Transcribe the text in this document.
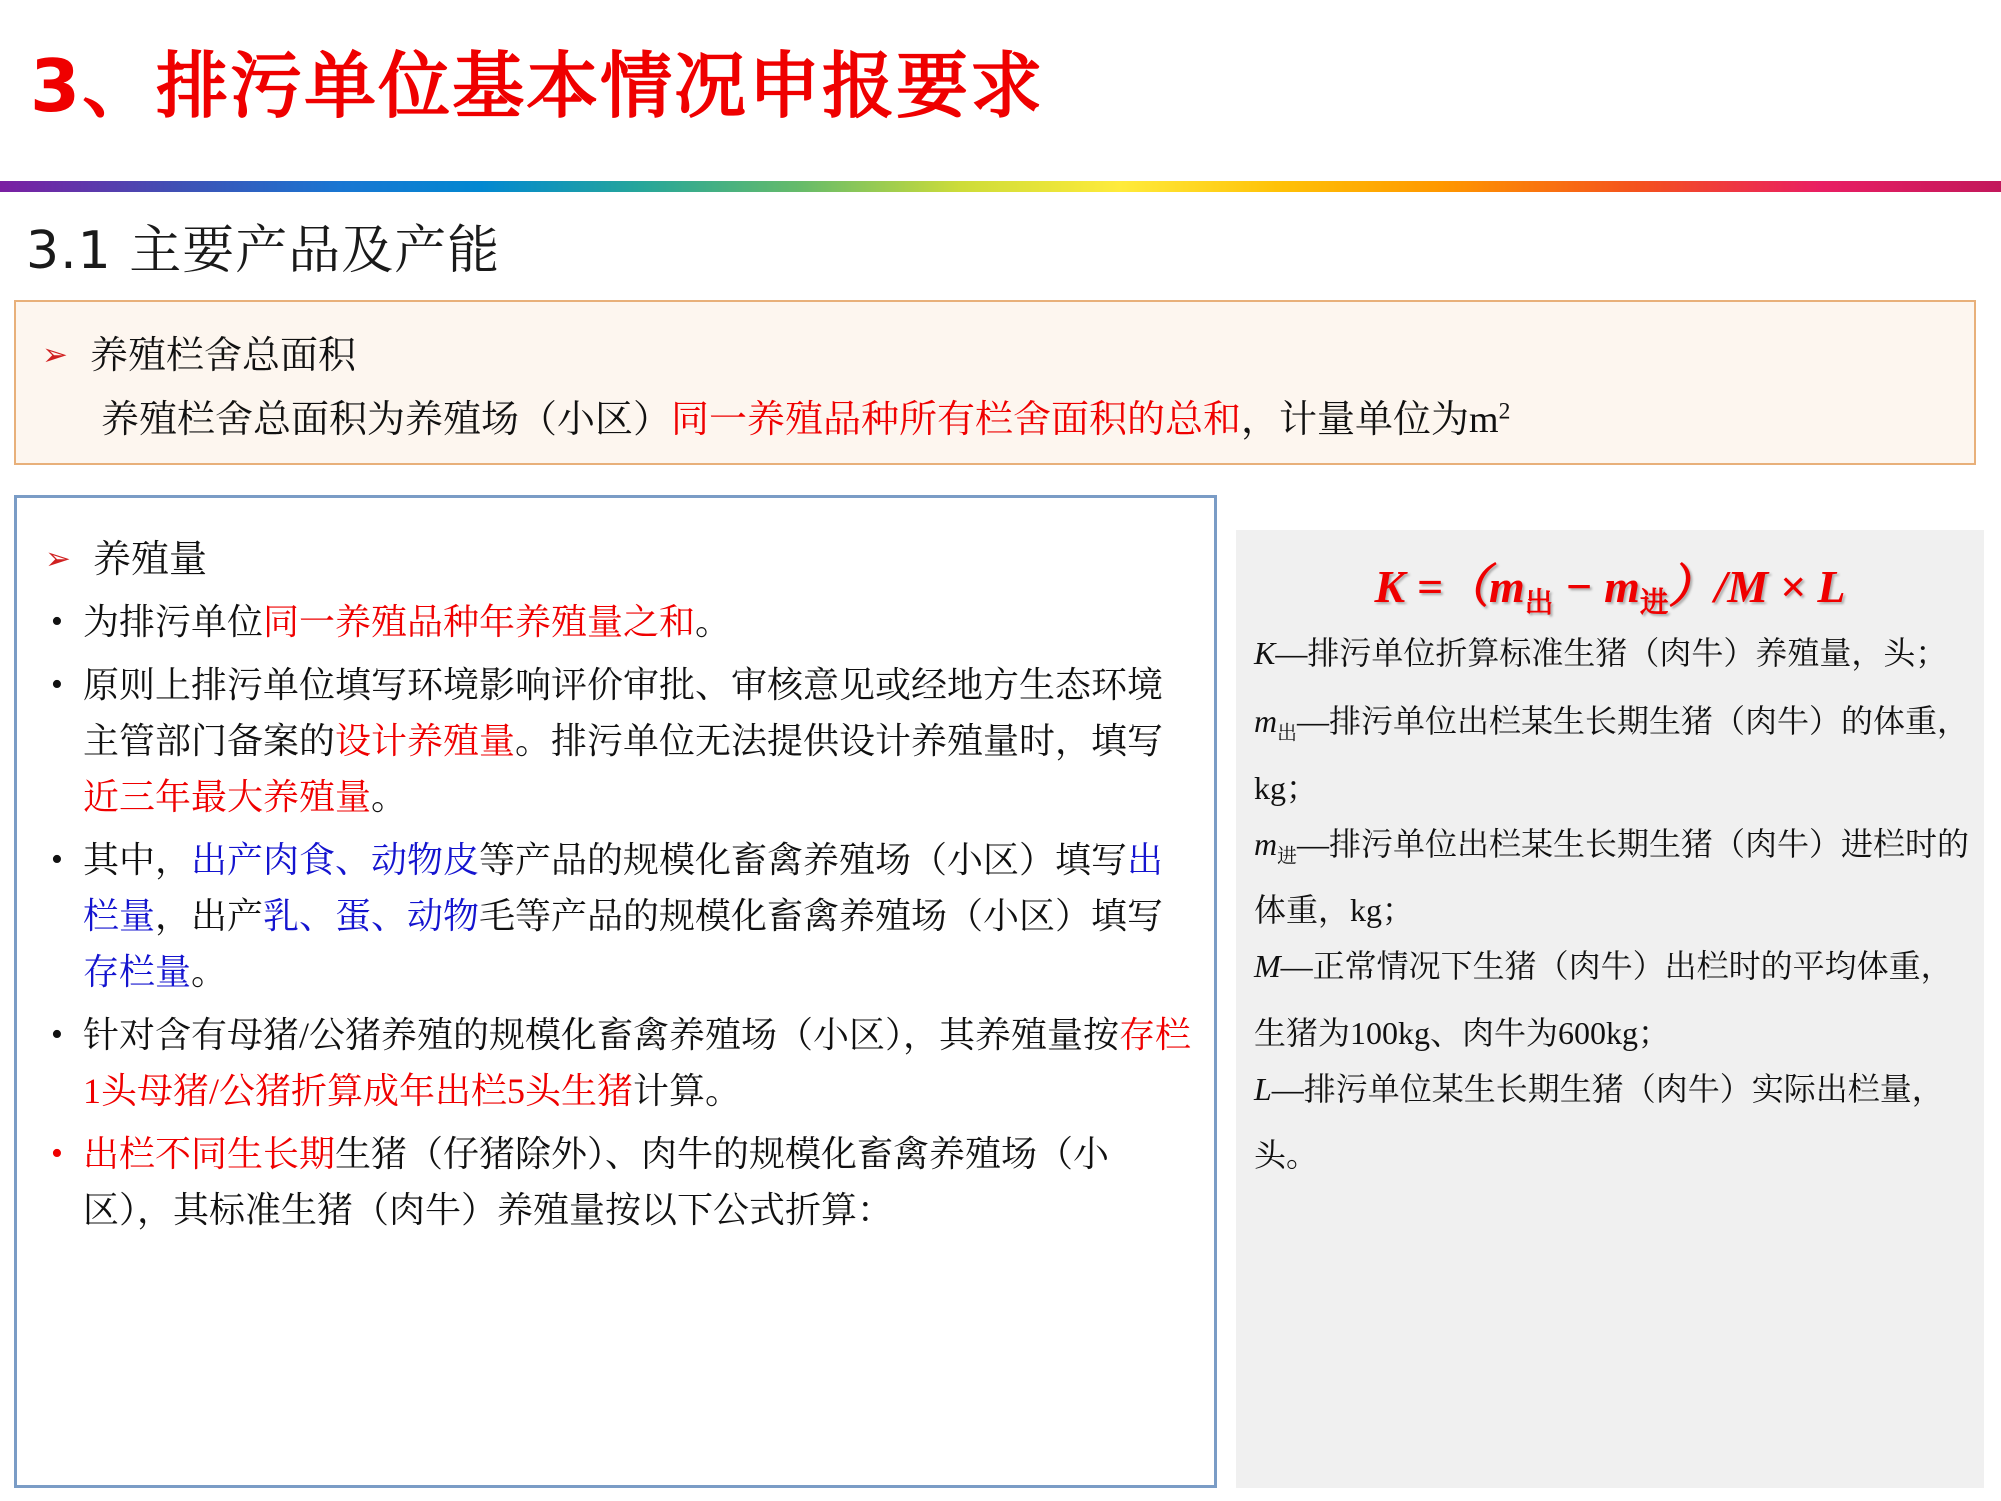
3、排污单位基本情况申报要求
3.1 主要产品及产能
➢ 养殖栏舍总面积
养殖栏舍总面积为养殖场（小区）同一养殖品种所有栏舍面积的总和，计量单位为$m^2$
➢ 养殖量
• 为排污单位同一养殖品种年养殖量之和。
• 原则上排污单位填写环境影响评价审批、审核意见或经地方生态环境主管部门备案的设计养殖量。排污单位无法提供设计养殖量时，填写近三年最大养殖量。
• 其中，出产肉食、动物皮等产品的规模化畜禽养殖场（小区）填写出栏量，出产乳、蛋、动物毛等产品的规模化畜禽养殖场（小区）填写存栏量。
• 针对含有母猪/公猪养殖的规模化畜禽养殖场（小区），其养殖量按存栏1头母猪/公猪折算成年出栏5头生猪计算。
• 出栏不同生长期生猪（仔猪除外）、肉牛的规模化畜禽养殖场（小区），其标准生猪（肉牛）养殖量按以下公式折算：
$K =(m_出 - m_进)/M \times L$
K—排污单位折算标准生猪（肉牛）养殖量，头；
$m_出—$排污单位出栏某生长期生猪（肉牛）的体重，kg；
$m_进—$排污单位出栏某生长期生猪（肉牛）进栏时的体重，kg；
M—正常情况下生猪（肉牛）出栏时的平均体重，生猪为100kg、肉牛为600kg；
L—排污单位某生长期生猪（肉牛）实际出栏量，头。
